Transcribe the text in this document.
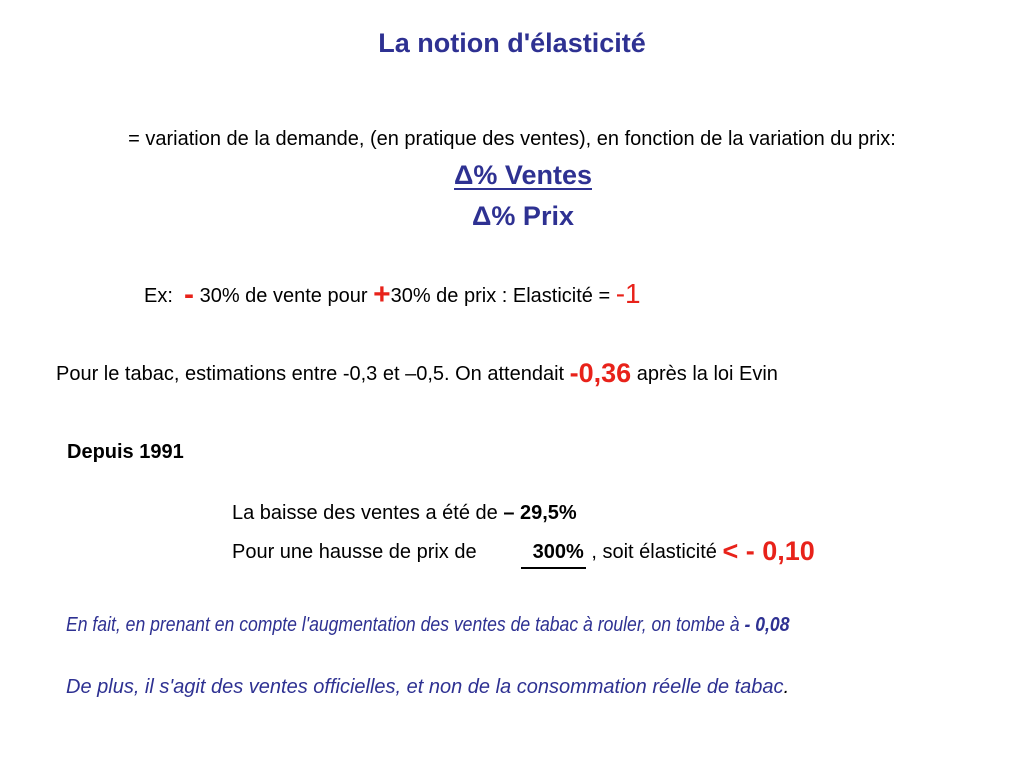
La notion d'élasticité
= variation de la demande, (en pratique des ventes), en fonction de la variation du prix:
Δ% Ventes
Δ% Prix
Ex: - 30% de vente pour +30% de prix : Elasticité = -1
Pour le tabac, estimations entre -0,3 et –0,5. On attendait -0,36 après la loi Evin
Depuis 1991
La baisse des ventes a été de – 29,5%
Pour une hausse de prix de	300% , soit élasticité < - 0,10
En fait, en prenant en compte l'augmentation des ventes de tabac à rouler, on tombe à - 0,08
De plus, il s'agit des ventes officielles, et non de la consommation réelle de tabac.
